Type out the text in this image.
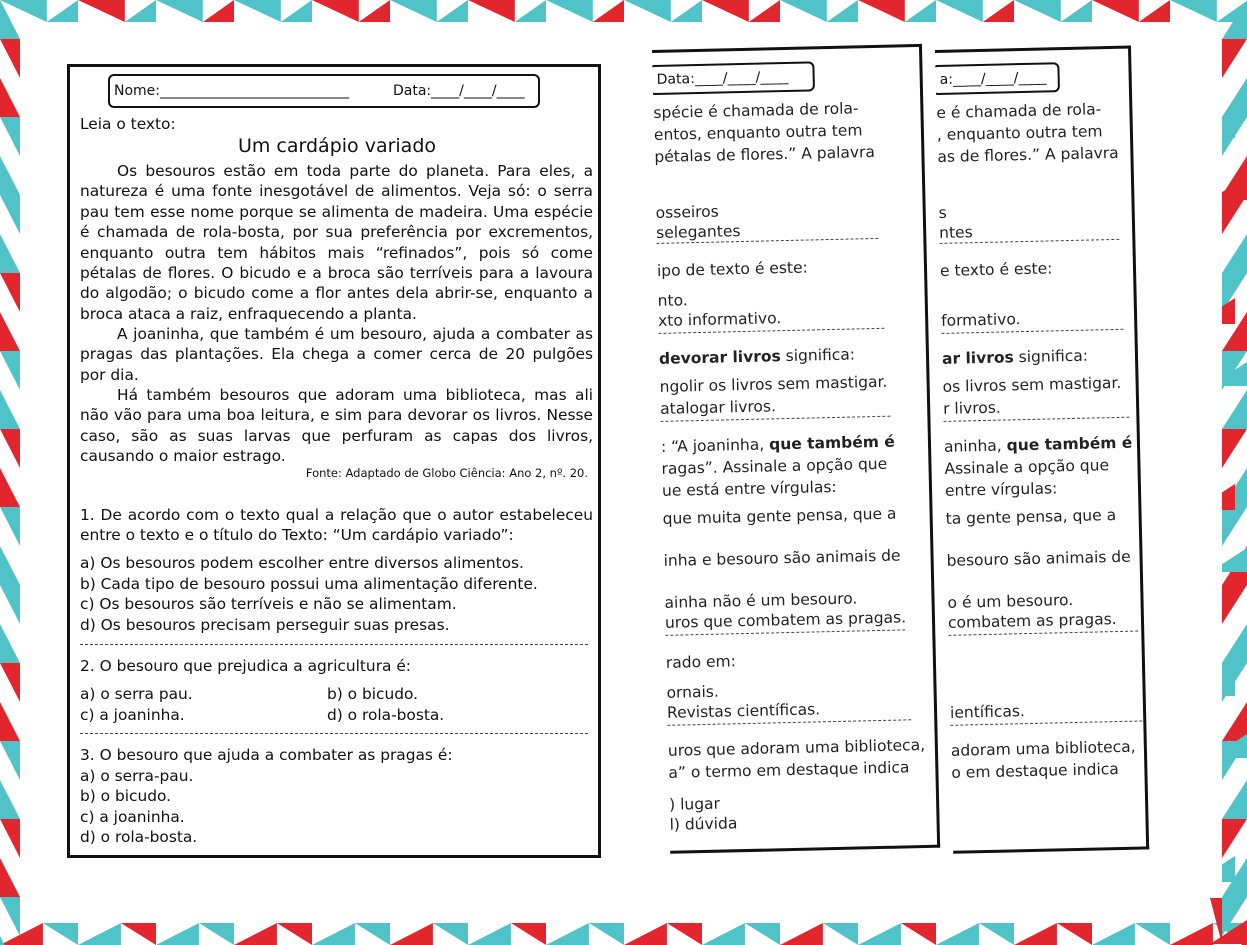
Nome:___________________________	Data:____/____/____
Leia o texto:
Um cardápio variado
Os besouros estão em toda parte do planeta. Para eles, a natureza é uma fonte inesgotável de alimentos. Veja só: o serra pau tem esse nome porque se alimenta de madeira. Uma espécie é chamada de rola-bosta, por sua preferência por excrementos, enquanto outra tem hábitos mais “refinados”, pois só come pétalas de flores. O bicudo e a broca são terríveis para a lavoura do algodão; o bicudo come a flor antes dela abrir-se, enquanto a broca ataca a raiz, enfraquecendo a planta.
A joaninha, que também é um besouro, ajuda a combater as pragas das plantações. Ela chega a comer cerca de 20 pulgões por dia.
Há também besouros que adoram uma biblioteca, mas ali não vão para uma boa leitura, e sim para devorar os livros. Nesse caso, são as suas larvas que perfuram as capas dos livros, causando o maior estrago.
Fonte: Adaptado de Globo Ciência: Ano 2, nº. 20.
1. De acordo com o texto qual a relação que o autor estabeleceu entre o texto e o título do Texto: “Um cardápio variado”:
a) Os besouros podem escolher entre diversos alimentos.
b) Cada tipo de besouro possui uma alimentação diferente.
c) Os besouros são terríveis e não se alimentam.
d) Os besouros precisam perseguir suas presas.
2. O besouro que prejudica a agricultura é:
a) o serra pau.	b) o bicudo.
c) a joaninha.	d) o rola-bosta.
3. O besouro que ajuda a combater as pragas é:
a) o serra-pau.
b) o bicudo.
c) a joaninha.
d) o rola-bosta.
Data:____/____/____
spécie é chamada de rola-
entos, enquanto outra tem
pétalas de flores.” A palavra
osseiros
selegantes
ipo de texto é este:
nto.
xto informativo.
devorar livros significa:
ngolir os livros sem mastigar.
atalogar livros.
: “A joaninha, que também é
ragas”. Assinale a opção que
ue está entre vírgulas:
que muita gente pensa, que a
inha e besouro são animais de
ainha não é um besouro.
uros que combatem as pragas.
rado em:
ornais.
Revistas científicas.
uros que adoram uma biblioteca,
a” o termo em destaque indica
) lugar
l) dúvida
a:____/____/____
e é chamada de rola-
, enquanto outra tem
as de flores.” A palavra
s
ntes
e texto é este:
formativo.
ar livros significa:
os livros sem mastigar.
r livros.
aninha, que também é
Assinale a opção que
entre vírgulas:
ta gente pensa, que a
besouro são animais de
o é um besouro.
combatem as pragas.
ientíficas.
adoram uma biblioteca,
o em destaque indica
